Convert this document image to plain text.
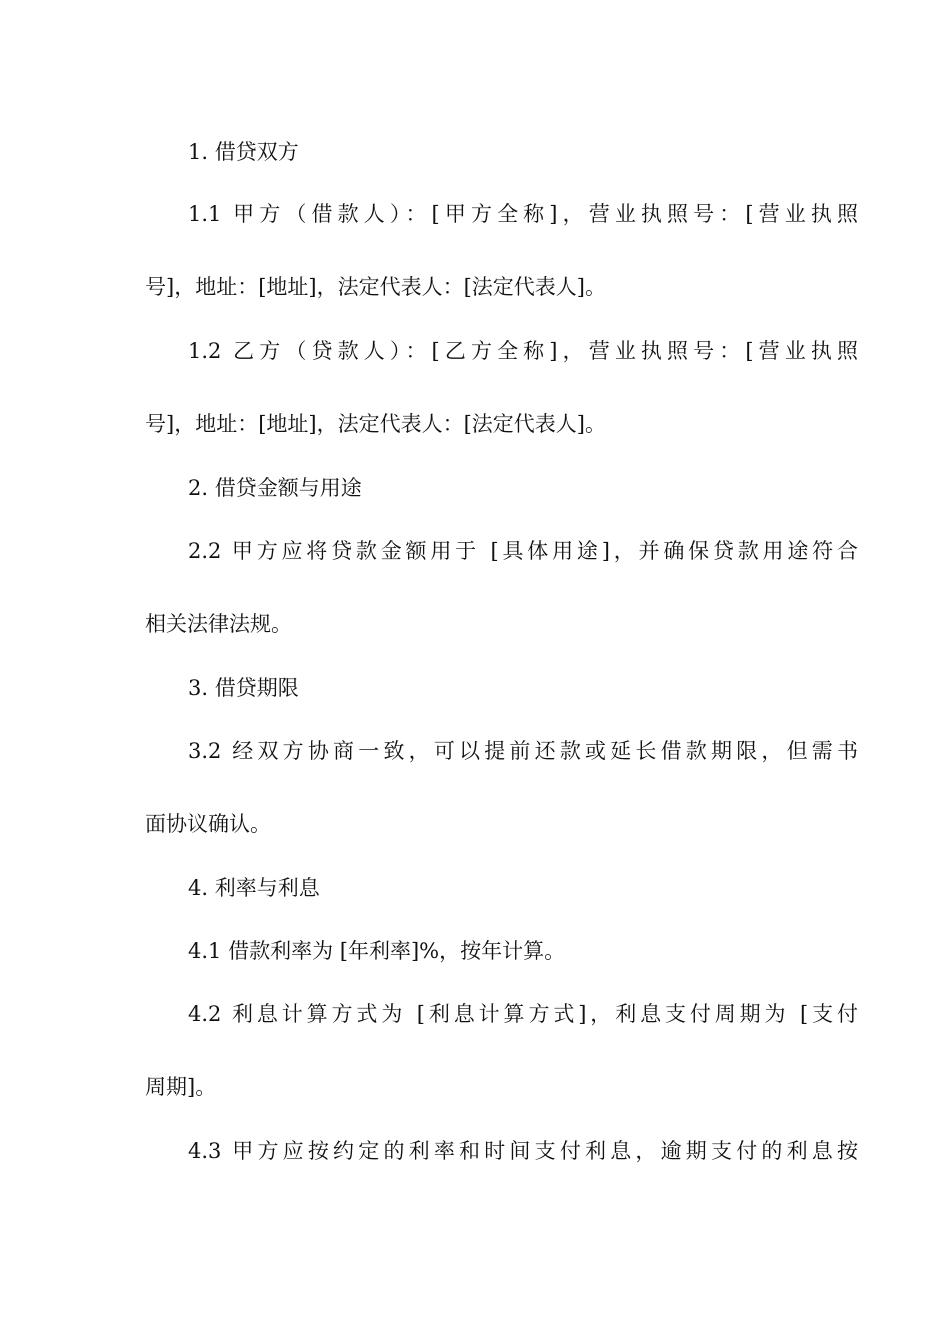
1. 借贷双方
1.1 甲方（借款人）：[甲方全称]，营业执照号：[营业执照
号]，地址：[地址]，法定代表人：[法定代表人]。
1.2 乙方（贷款人）：[乙方全称]，营业执照号：[营业执照
号]，地址：[地址]，法定代表人：[法定代表人]。
2. 借贷金额与用途
2.2 甲方应将贷款金额用于 [具体用途]，并确保贷款用途符合
相关法律法规。
3. 借贷期限
3.2 经双方协商一致，可以提前还款或延长借款期限，但需书
面协议确认。
4. 利率与利息
4.1 借款利率为 [年利率]%，按年计算。
4.2 利息计算方式为 [利息计算方式]，利息支付周期为 [支付
周期]。
4.3 甲方应按约定的利率和时间支付利息，逾期支付的利息按
